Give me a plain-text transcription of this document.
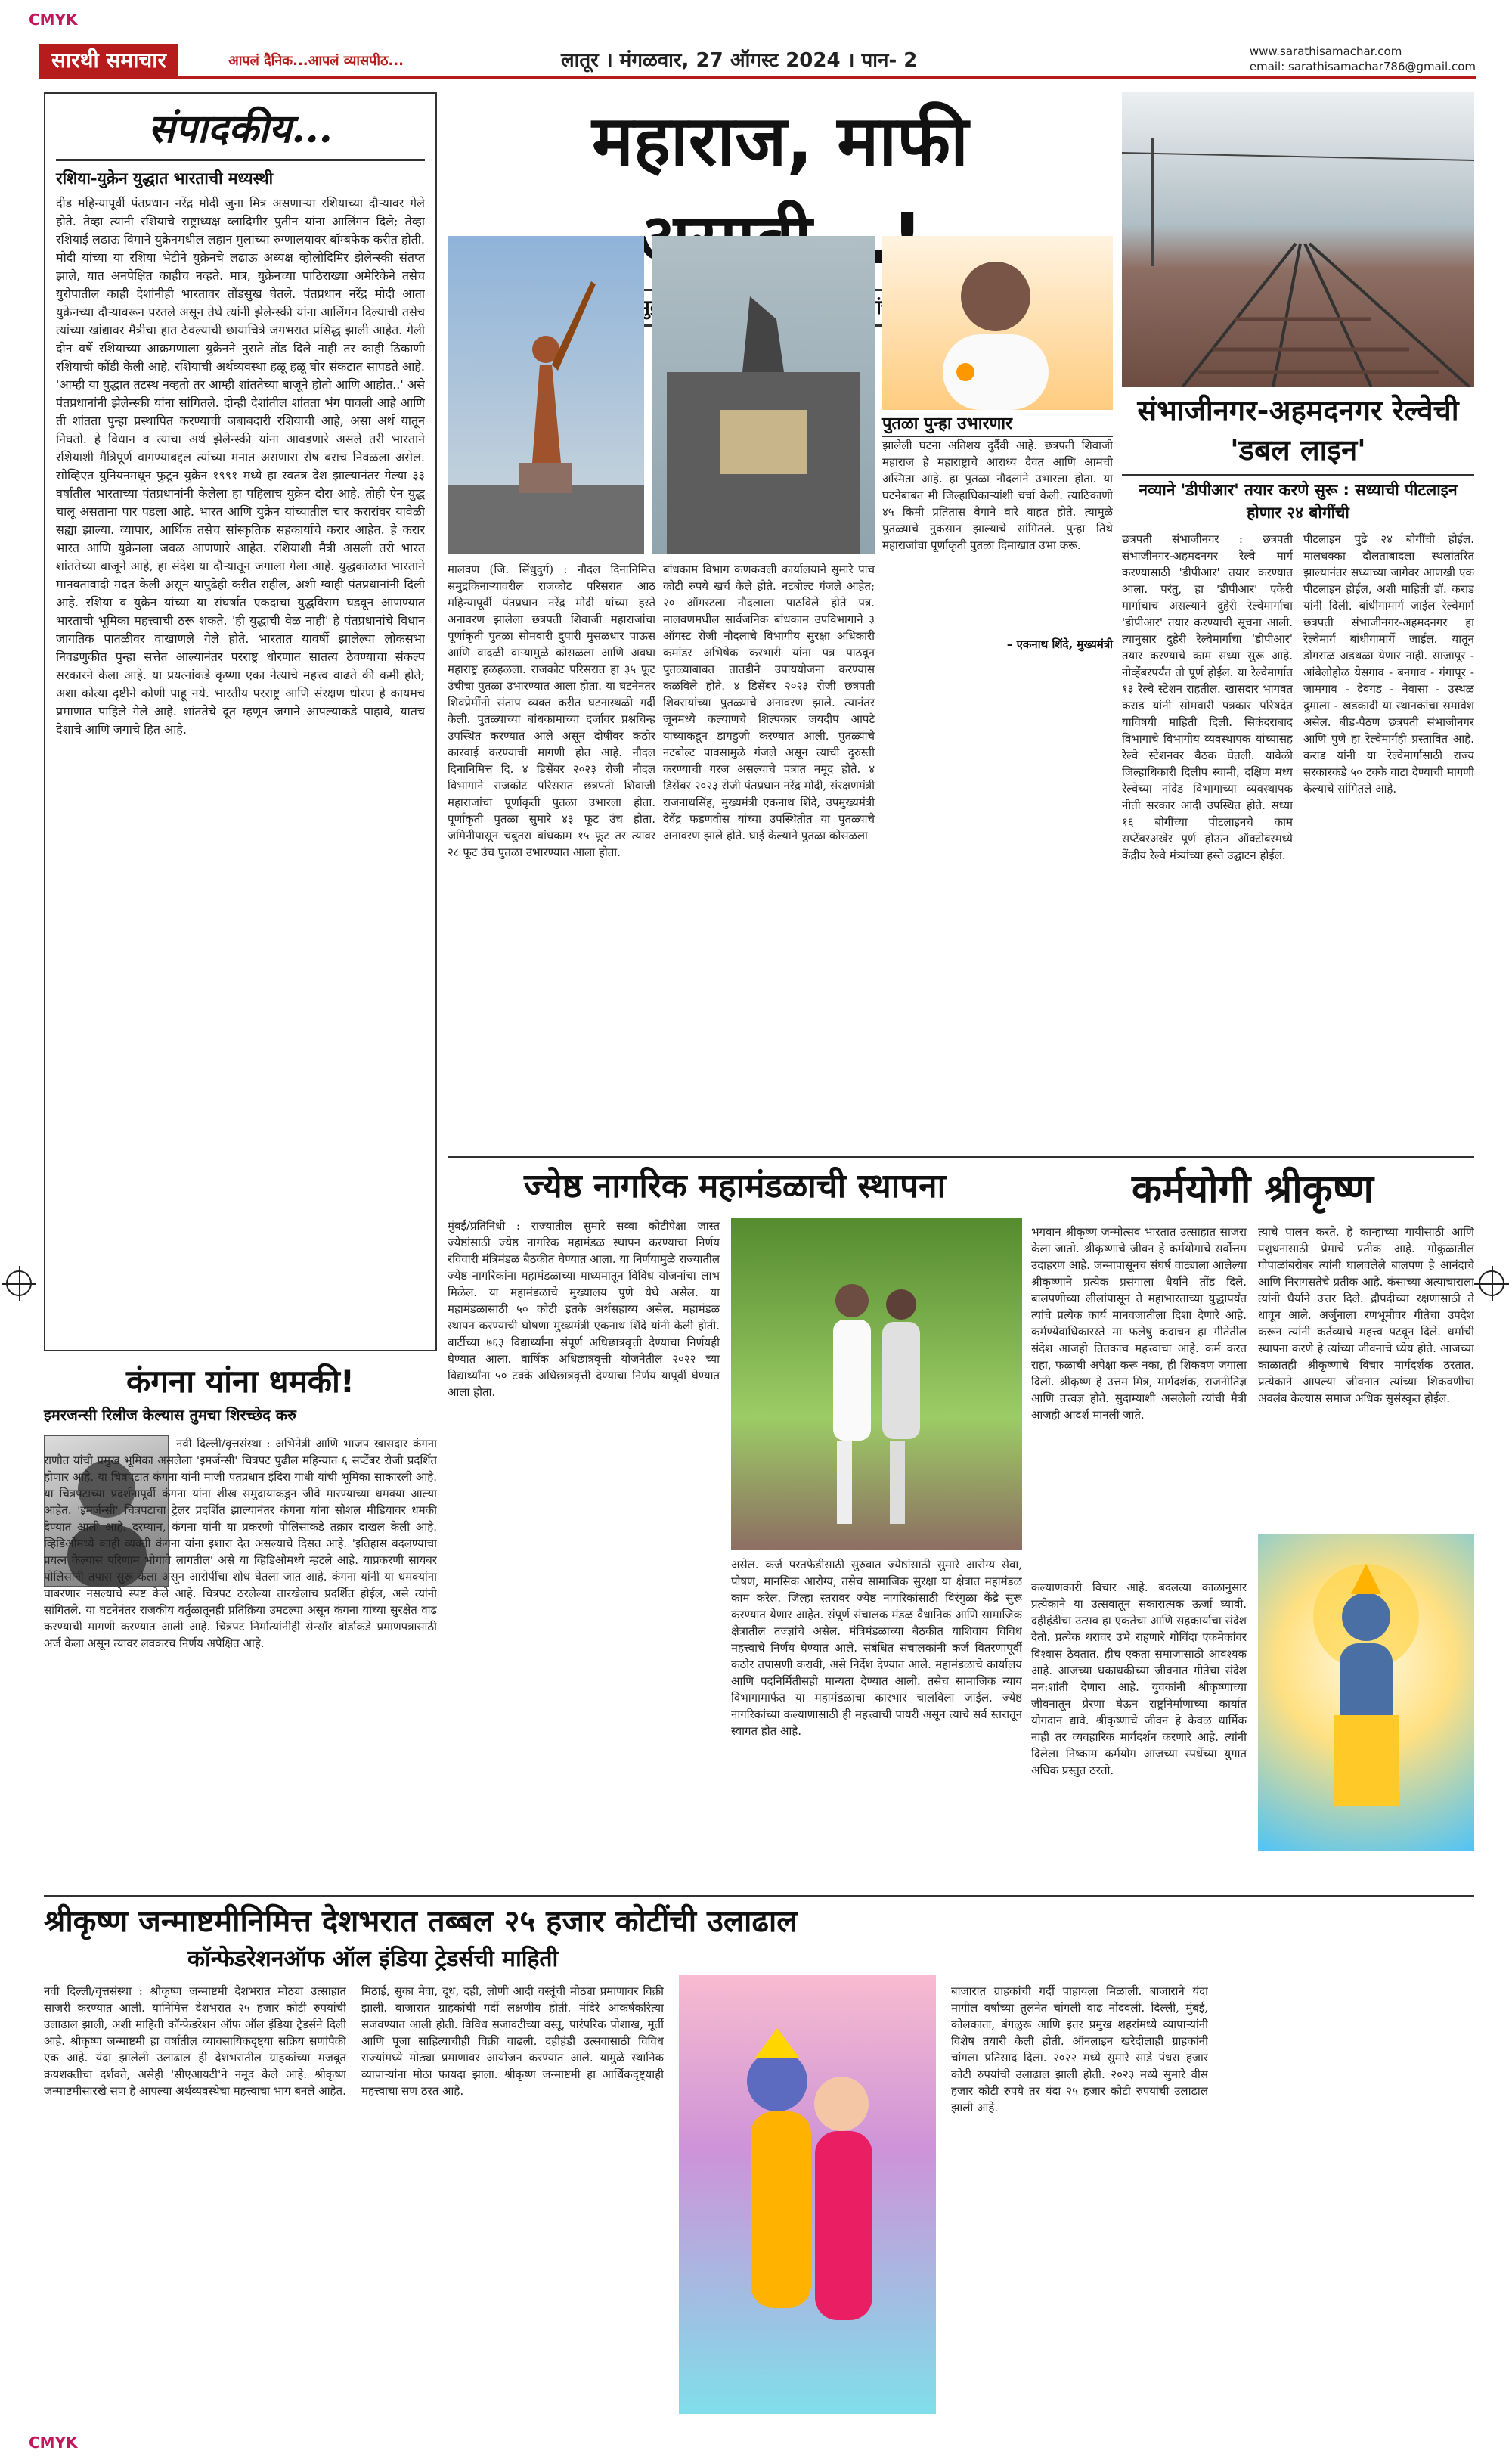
CMYK
CMYK
सारथी समाचार	आपलं दैनिक...आपलं व्यासपीठ...	लातूर । मंगळवार, 27 ऑगस्ट 2024 । पान- 2	www.sarathisamachar.com
email: sarathisamachar786@gmail.com
संपादकीय...
रशिया-युक्रेन युद्धात भारताची मध्यस्थी
दीड महिन्यापूर्वी पंतप्रधान नरेंद्र मोदी जुना मित्र असणाऱ्या रशियाच्या दौऱ्यावर गेले होते. तेव्हा त्यांनी रशियाचे राष्ट्राध्यक्ष व्लादिमीर पुतीन यांना आलिंगन दिले; तेव्हा रशियाई लढाऊ विमाने युक्रेनमधील लहान मुलांच्या रुग्णालयावर बॉम्बफेक करीत होती. मोदी यांच्या या रशिया भेटीने युक्रेनचे लढाऊ अध्यक्ष व्होलोदिमिर झेलेन्स्की संतप्त झाले, यात अनपेक्षित काहीच नव्हते. मात्र, युक्रेनच्या पाठिराख्या अमेरिकेने तसेच युरोपातील काही देशांनीही भारतावर तोंडसुख घेतले. पंतप्रधान नरेंद्र मोदी आता युक्रेनच्या दौऱ्यावरून परतले असून तेथे त्यांनी झेलेन्स्की यांना आलिंगन दिल्याची तसेच त्यांच्या खांद्यावर मैत्रीचा हात ठेवल्याची छायाचित्रे जगभरात प्रसिद्ध झाली आहेत. गेली दोन वर्षे रशियाच्या आक्रमणाला युक्रेनने नुसते तोंड दिले नाही तर काही ठिकाणी रशियाची कोंडी केली आहे. रशियाची अर्थव्यवस्था हळू हळू घोर संकटात सापडते आहे. 'आम्ही या युद्धात तटस्थ नव्हतो तर आम्ही शांततेच्या बाजूने होतो आणि आहोत..' असे पंतप्रधानांनी झेलेन्स्की यांना सांगितले. दोन्ही देशांतील शांतता भंग पावली आहे आणि ती शांतता पुन्हा प्रस्थापित करण्याची जबाबदारी रशियाची आहे, असा अर्थ यातून निघतो. हे विधान व त्याचा अर्थ झेलेन्स्की यांना आवडणारे असले तरी भारताने रशियाशी मैत्रिपूर्ण वागण्याबद्दल त्यांच्या मनात असणारा रोष बराच निवळला असेल. सोव्हिएत युनियनमधून फुटून युक्रेन १९९१ मध्ये हा स्वतंत्र देश झाल्यानंतर गेल्या ३३ वर्षांतील भारताच्या पंतप्रधानांनी केलेला हा पहिलाच युक्रेन दौरा आहे. तोही ऐन युद्ध चालू असताना पार पडला आहे. भारत आणि युक्रेन यांच्यातील चार करारांवर यावेळी सह्या झाल्या. व्यापार, आर्थिक तसेच सांस्कृतिक सहकार्याचे करार आहेत. हे करार भारत आणि युक्रेनला जवळ आणणारे आहेत. रशियाशी मैत्री असली तरी भारत शांततेच्या बाजूने आहे, हा संदेश या दौऱ्यातून जगाला गेला आहे. युद्धकाळात भारताने मानवतावादी मदत केली असून यापुढेही करीत राहील, अशी ग्वाही पंतप्रधानांनी दिली आहे. रशिया व युक्रेन यांच्या या संघर्षात एकदाचा युद्धविराम घडवून आणण्यात भारताची भूमिका महत्त्वाची ठरू शकते. 'ही युद्धाची वेळ नाही' हे पंतप्रधानांचे विधान जागतिक पातळीवर वाखाणले गेले होते. भारतात यावर्षी झालेल्या लोकसभा निवडणुकीत पुन्हा सत्तेत आल्यानंतर परराष्ट्र धोरणात सातत्य ठेवण्याचा संकल्प सरकारने केला आहे. या प्रयत्नांकडे कृष्णा एका नेत्याचे महत्त्व वाढते की कमी होते; अशा कोत्या दृष्टीने कोणी पाहू नये. भारतीय परराष्ट्र आणि संरक्षण धोरण हे कायमच प्रमाणात पाहिले गेले आहे. शांततेचे दूत म्हणून जगाने आपल्याकडे पाहावे, यातच देशाचे आणि जगाचे हित आहे.
कंगना यांना धमकी!
इमरजन्सी रिलीज केल्यास तुमचा शिरच्छेद करु
नवी दिल्ली/वृत्तसंस्था : अभिनेत्री आणि भाजप खासदार कंगना राणौत यांची प्रमुख भूमिका असलेला 'इमर्जन्सी' चित्रपट पुढील महिन्यात ६ सप्टेंबर रोजी प्रदर्शित होणार आहे. या चित्रपटात कंगना यांनी माजी पंतप्रधान इंदिरा गांधी यांची भूमिका साकारली आहे. या चित्रपटाच्या प्रदर्शनापूर्वी कंगना यांना शीख समुदायाकडून जीवे मारण्याच्या धमक्या आल्या आहेत. 'इमर्जन्सी' चित्रपटाचा ट्रेलर प्रदर्शित झाल्यानंतर कंगना यांना सोशल मीडियावर धमकी देण्यात आली आहे. दरम्यान, कंगना यांनी या प्रकरणी पोलिसांकडे तक्रार दाखल केली आहे. व्हिडिओमध्ये काही व्यक्ती कंगना यांना इशारा देत असल्याचे दिसत आहे. 'इतिहास बदलण्याचा प्रयत्न केल्यास परिणाम भोगावे लागतील' असे या व्हिडिओमध्ये म्हटले आहे. याप्रकरणी सायबर पोलिसांनी तपास सुरू केला असून आरोपींचा शोध घेतला जात आहे. कंगना यांनी या धमक्यांना घाबरणार नसल्याचे स्पष्ट केले आहे. चित्रपट ठरलेल्या तारखेलाच प्रदर्शित होईल, असे त्यांनी सांगितले. या घटनेनंतर राजकीय वर्तुळातूनही प्रतिक्रिया उमटल्या असून कंगना यांच्या सुरक्षेत वाढ करण्याची मागणी करण्यात आली आहे. चित्रपट निर्मात्यांनीही सेन्सॉर बोर्डाकडे प्रमाणपत्रासाठी अर्ज केला असून त्यावर लवकरच निर्णय अपेक्षित आहे.
महाराज, माफी
पुतळा पुन्हा उभारणार
झालेली घटना अतिशय दुर्दैवी आहे. छत्रपती शिवाजी महाराज हे महाराष्ट्राचे आराध्य दैवत आणि आमची अस्मिता आहे. हा पुतळा नौदलाने उभारला होता. या घटनेबाबत मी जिल्हाधिकाऱ्यांशी चर्चा केली. त्याठिकाणी ४५ किमी प्रतितास वेगाने वारे वाहत होते. त्यामुळे पुतळ्याचे नुकसान झाल्याचे सांगितले. पुन्हा तिथे महाराजांचा पूर्णाकृती पुतळा दिमाखात उभा करू.
– एकनाथ शिंदे, मुख्यमंत्री
मालवण (जि. सिंधुदुर्ग) : नौदल दिनानिमित्त समुद्रकिनाऱ्यावरील राजकोट परिसरात आठ महिन्यापूर्वी पंतप्रधान नरेंद्र मोदी यांच्या हस्ते अनावरण झालेला छत्रपती शिवाजी महाराजांचा पूर्णाकृती पुतळा सोमवारी दुपारी मुसळधार पाऊस आणि वादळी वाऱ्यामुळे कोसळला आणि अवघा महाराष्ट्र हळहळला. राजकोट परिसरात हा ३५ फूट उंचीचा पुतळा उभारण्यात आला होता. या घटनेनंतर शिवप्रेमींनी संताप व्यक्त करीत घटनास्थळी गर्दी केली. पुतळ्याच्या बांधकामाच्या दर्जावर प्रश्नचिन्ह उपस्थित करण्यात आले असून दोषींवर कठोर कारवाई करण्याची मागणी होत आहे. नौदल दिनानिमित्त दि. ४ डिसेंबर २०२३ रोजी नौदल विभागाने राजकोट परिसरात छत्रपती शिवाजी महाराजांचा पूर्णाकृती पुतळा उभारला होता. पूर्णाकृती पुतळा सुमारे ४३ फूट उंच होता. जमिनीपासून चबुतरा बांधकाम १५ फूट तर त्यावर २८ फूट उंच पुतळा उभारण्यात आला होता.
बांधकाम विभाग कणकवली कार्यालयाने सुमारे पाच कोटी रुपये खर्च केले होते. नटबोल्ट गंजले आहेत; २० ऑगस्टला नौदलाला पाठविले होते पत्र. मालवणमधील सार्वजनिक बांधकाम उपविभागाने ३ ऑगस्ट रोजी नौदलाचे विभागीय सुरक्षा अधिकारी कमांडर अभिषेक करभारी यांना पत्र पाठवून पुतळ्याबाबत तातडीने उपाययोजना करण्यास कळविले होते. ४ डिसेंबर २०२३ रोजी छत्रपती शिवरायांच्या पुतळ्याचे अनावरण झाले. त्यानंतर जूनमध्ये कल्याणचे शिल्पकार जयदीप आपटे यांच्याकडून डागडुजी करण्यात आली. पुतळ्याचे नटबोल्ट पावसामुळे गंजले असून त्याची दुरुस्ती करण्याची गरज असल्याचे पत्रात नमूद होते. ४ डिसेंबर २०२३ रोजी पंतप्रधान नरेंद्र मोदी, संरक्षणमंत्री राजनाथसिंह, मुख्यमंत्री एकनाथ शिंदे, उपमुख्यमंत्री देवेंद्र फडणवीस यांच्या उपस्थितीत या पुतळ्याचे अनावरण झाले होते. घाई केल्याने पुतळा कोसळला
संभाजीनगर-अहमदनगर रेल्वेची 'डबल लाइन'
नव्याने 'डीपीआर' तयार करणे सुरू : सध्याची पीटलाइन होणार २४ बोगींची
छत्रपती संभाजीनगर : छत्रपती संभाजीनगर-अहमदनगर रेल्वे मार्ग करण्यासाठी 'डीपीआर' तयार करण्यात आला. परंतु, हा 'डीपीआर' एकेरी मार्गाचाच असल्याने दुहेरी रेल्वेमार्गाचा 'डीपीआर' तयार करण्याची सूचना आली. त्यानुसार दुहेरी रेल्वेमार्गाचा 'डीपीआर' तयार करण्याचे काम सध्या सुरू आहे. नोव्हेंबरपर्यंत तो पूर्ण होईल. या रेल्वेमार्गात १३ रेल्वे स्टेशन राहतील. खासदार भागवत कराड यांनी सोमवारी पत्रकार परिषदेत याविषयी माहिती दिली. सिकंदराबाद विभागाचे विभागीय व्यवस्थापक यांच्यासह रेल्वे स्टेशनवर बैठक घेतली. यावेळी जिल्हाधिकारी दिलीप स्वामी, दक्षिण मध्य रेल्वेच्या नांदेड विभागाच्या व्यवस्थापक नीती सरकार आदी उपस्थित होते. सध्या १६ बोगींच्या पीटलाइनचे काम सप्टेंबरअखेर पूर्ण होऊन ऑक्टोबरमध्ये केंद्रीय रेल्वे मंत्र्यांच्या हस्ते उद्घाटन होईल.
पीटलाइन पुढे २४ बोगींची होईल. मालधक्का दौलताबादला स्थलांतरित झाल्यानंतर सध्याच्या जागेवर आणखी एक पीटलाइन होईल, अशी माहिती डॉ. कराड यांनी दिली. बांधीगामार्ग जाईल रेल्वेमार्ग छत्रपती संभाजीनगर-अहमदनगर हा रेल्वेमार्ग बांधीगामार्गे जाईल. यातून डोंगराळ अडथळा येणार नाही. साजापूर - आंबेलोहोळ येसगाव - बनगाव - गंगापूर - जामगाव - देवगड - नेवासा - उस्थळ दुमाला - खडकादी या स्थानकांचा समावेश असेल. बीड-पैठण छत्रपती संभाजीनगर आणि पुणे हा रेल्वेमार्गही प्रस्तावित आहे. कराड यांनी या रेल्वेमार्गासाठी राज्य सरकारकडे ५० टक्के वाटा देण्याची मागणी केल्याचे सांगितले आहे.
ज्येष्ठ नागरिक महामंडळाची स्थापना
मुंबई/प्रतिनिधी : राज्यातील सुमारे सव्वा कोटीपेक्षा जास्त ज्येष्ठांसाठी ज्येष्ठ नागरिक महामंडळ स्थापन करण्याचा निर्णय रविवारी मंत्रिमंडळ बैठकीत घेण्यात आला. या निर्णयामुळे राज्यातील ज्येष्ठ नागरिकांना महामंडळाच्या माध्यमातून विविध योजनांचा लाभ मिळेल. या महामंडळाचे मुख्यालय पुणे येथे असेल. या महामंडळासाठी ५० कोटी इतके अर्थसहाय्य असेल. महामंडळ स्थापन करण्याची घोषणा मुख्यमंत्री एकनाथ शिंदे यांनी केली होती. बार्टीच्या ७६३ विद्यार्थ्यांना संपूर्ण अधिछात्रवृत्ती देण्याचा निर्णयही घेण्यात आला. वार्षिक अधिछात्रवृत्ती योजनेतील २०२२ च्या विद्यार्थ्यांना ५० टक्के अधिछात्रवृत्ती देण्याचा निर्णय यापूर्वी घेण्यात आला होता.
असेल. कर्ज परतफेडीसाठी सुरुवात ज्येष्ठांसाठी सुमारे आरोग्य सेवा, पोषण, मानसिक आरोग्य, तसेच सामाजिक सुरक्षा या क्षेत्रात महामंडळ काम करेल. जिल्हा स्तरावर ज्येष्ठ नागरिकांसाठी विरंगुळा केंद्रे सुरू करण्यात येणार आहेत. संपूर्ण संचालक मंडळ वैधानिक आणि सामाजिक क्षेत्रातील तज्ज्ञांचे असेल. मंत्रिमंडळाच्या बैठकीत याशिवाय विविध महत्त्वाचे निर्णय घेण्यात आले. संबंधित संचालकांनी कर्ज वितरणापूर्वी कठोर तपासणी करावी, असे निर्देश देण्यात आले. महामंडळाचे कार्यालय आणि पदनिर्मितीसही मान्यता देण्यात आली. तसेच सामाजिक न्याय विभागामार्फत या महामंडळाचा कारभार चालविला जाईल. ज्येष्ठ नागरिकांच्या कल्याणासाठी ही महत्त्वाची पायरी असून त्याचे सर्व स्तरातून स्वागत होत आहे.
कर्मयोगी श्रीकृष्ण
भगवान श्रीकृष्ण जन्मोत्सव भारतात उत्साहात साजरा केला जातो. श्रीकृष्णाचे जीवन हे कर्मयोगाचे सर्वोत्तम उदाहरण आहे. जन्मापासूनच संघर्ष वाट्याला आलेल्या श्रीकृष्णाने प्रत्येक प्रसंगाला धैर्याने तोंड दिले. बालपणीच्या लीलांपासून ते महाभारताच्या युद्धापर्यंत त्यांचे प्रत्येक कार्य मानवजातीला दिशा देणारे आहे. कर्मण्येवाधिकारस्ते मा फलेषु कदाचन हा गीतेतील संदेश आजही तितकाच महत्त्वाचा आहे. कर्म करत राहा, फळाची अपेक्षा करू नका, ही शिकवण जगाला दिली. श्रीकृष्ण हे उत्तम मित्र, मार्गदर्शक, राजनीतिज्ञ आणि तत्त्वज्ञ होते. सुदाम्याशी असलेली त्यांची मैत्री आजही आदर्श मानली जाते.
त्याचे पालन करते. हे कान्हाच्या गायीसाठी आणि पशुधनासाठी प्रेमाचे प्रतीक आहे. गोकुळातील गोपाळांबरोबर त्यांनी घालवलेले बालपण हे आनंदाचे आणि निरागसतेचे प्रतीक आहे. कंसाच्या अत्याचाराला त्यांनी धैर्याने उत्तर दिले. द्रौपदीच्या रक्षणासाठी ते धावून आले. अर्जुनाला रणभूमीवर गीतेचा उपदेश करून त्यांनी कर्तव्याचे महत्त्व पटवून दिले. धर्माची स्थापना करणे हे त्यांच्या जीवनाचे ध्येय होते. आजच्या काळातही श्रीकृष्णाचे विचार मार्गदर्शक ठरतात. प्रत्येकाने आपल्या जीवनात त्यांच्या शिकवणीचा अवलंब केल्यास समाज अधिक सुसंस्कृत होईल.
कल्याणकारी विचार आहे. बदलत्या काळानुसार प्रत्येकाने या उत्सवातून सकारात्मक ऊर्जा घ्यावी. दहीहंडीचा उत्सव हा एकतेचा आणि सहकार्याचा संदेश देतो. प्रत्येक थरावर उभे राहणारे गोविंदा एकमेकांवर विश्वास ठेवतात. हीच एकता समाजासाठी आवश्यक आहे. आजच्या धकाधकीच्या जीवनात गीतेचा संदेश मन:शांती देणारा आहे. युवकांनी श्रीकृष्णाच्या जीवनातून प्रेरणा घेऊन राष्ट्रनिर्माणाच्या कार्यात योगदान द्यावे. श्रीकृष्णाचे जीवन हे केवळ धार्मिक नाही तर व्यवहारिक मार्गदर्शन करणारे आहे. त्यांनी दिलेला निष्काम कर्मयोग आजच्या स्पर्धेच्या युगात अधिक प्रस्तुत ठरतो.
श्रीकृष्ण जन्माष्टमीनिमित्त देशभरात तब्बल २५ हजार कोटींची उलाढाल
कॉन्फेडरेशनऑफ ऑल इंडिया ट्रेडर्सची माहिती
नवी दिल्ली/वृत्तसंस्था : श्रीकृष्ण जन्माष्टमी देशभरात मोठ्या उत्साहात साजरी करण्यात आली. यानिमित्त देशभरात २५ हजार कोटी रुपयांची उलाढाल झाली, अशी माहिती कॉन्फेडरेशन ऑफ ऑल इंडिया ट्रेडर्सने दिली आहे. श्रीकृष्ण जन्माष्टमी हा वर्षातील व्यावसायिकदृष्ट्या सक्रिय सणांपैकी एक आहे. यंदा झालेली उलाढाल ही देशभरातील ग्राहकांच्या मजबूत क्रयशक्तीचा दर्शवते, असेही 'सीएआयटी'ने नमूद केले आहे. श्रीकृष्ण जन्माष्टमीसारखे सण हे आपल्या अर्थव्यवस्थेचा महत्त्वाचा भाग बनले आहेत.
मिठाई, सुका मेवा, दूध, दही, लोणी आदी वस्तूंची मोठ्या प्रमाणावर विक्री झाली. बाजारात ग्राहकांची गर्दी लक्षणीय होती. मंदिरे आकर्षकरित्या सजवण्यात आली होती. विविध सजावटीच्या वस्तू, पारंपरिक पोशाख, मूर्ती आणि पूजा साहित्याचीही विक्री वाढली. दहीहंडी उत्सवासाठी विविध राज्यांमध्ये मोठ्या प्रमाणावर आयोजन करण्यात आले. यामुळे स्थानिक व्यापाऱ्यांना मोठा फायदा झाला. श्रीकृष्ण जन्माष्टमी हा आर्थिकदृष्ट्याही महत्त्वाचा सण ठरत आहे.
बाजारात ग्राहकांची गर्दी पाहायला मिळाली. बाजाराने यंदा मागील वर्षाच्या तुलनेत चांगली वाढ नोंदवली. दिल्ली, मुंबई, कोलकाता, बंगळुरू आणि इतर प्रमुख शहरांमध्ये व्यापाऱ्यांनी विशेष तयारी केली होती. ऑनलाइन खरेदीलाही ग्राहकांनी चांगला प्रतिसाद दिला. २०२२ मध्ये सुमारे साडे पंधरा हजार कोटी रुपयांची उलाढाल झाली होती. २०२३ मध्ये सुमारे वीस हजार कोटी रुपये तर यंदा २५ हजार कोटी रुपयांची उलाढाल झाली आहे.
